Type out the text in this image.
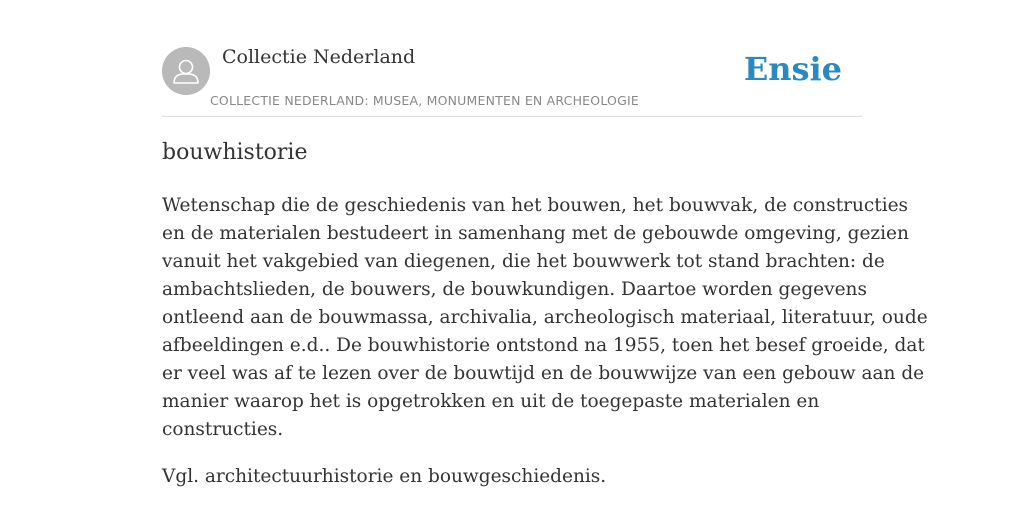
Collectie Nederland
COLLECTIE NEDERLAND: MUSEA, MONUMENTEN EN ARCHEOLOGIE
Ensie
bouwhistorie

Wetenschap die de geschiedenis van het bouwen, het bouwvak, de constructies
en de materialen bestudeert in samenhang met de gebouwde omgeving, gezien
vanuit het vakgebied van diegenen, die het bouwwerk tot stand brachten: de
ambachtslieden, de bouwers, de bouwkundigen. Daartoe worden gegevens
ontleend aan de bouwmassa, archivalia, archeologisch materiaal, literatuur, oude
afbeeldingen e.d.. De bouwhistorie ontstond na 1955, toen het besef groeide, dat
er veel was af te lezen over de bouwtijd en de bouwwijze van een gebouw aan de
manier waarop het is opgetrokken en uit de toegepaste materialen en
constructies.

Vgl. architectuurhistorie en bouwgeschiedenis.
